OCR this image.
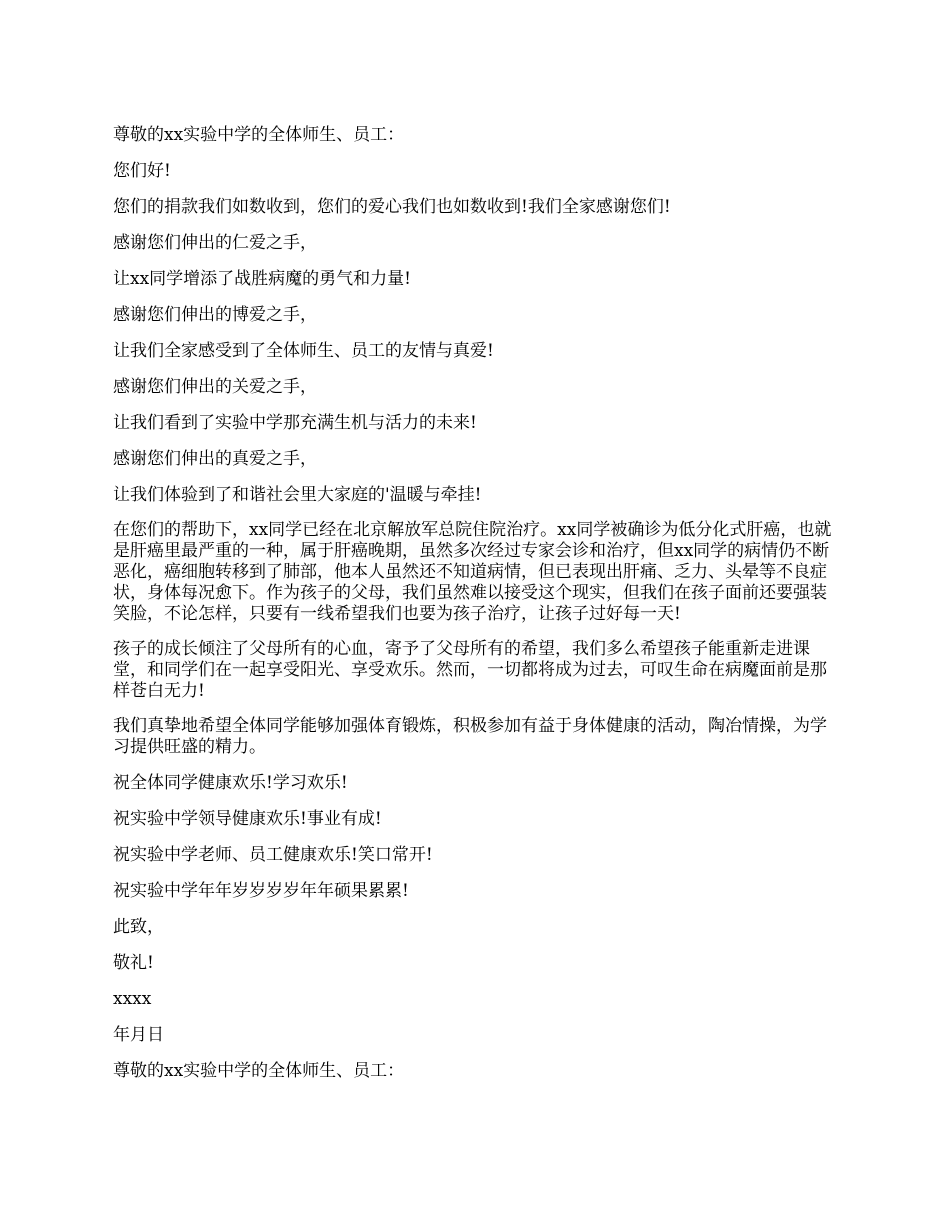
尊敬的xx实验中学的全体师生、员工：

您们好!

您们的捐款我们如数收到，您们的爱心我们也如数收到!我们全家感谢您们!

感谢您们伸出的仁爱之手，

让xx同学增添了战胜病魔的勇气和力量!

感谢您们伸出的博爱之手，

让我们全家感受到了全体师生、员工的友情与真爱!

感谢您们伸出的关爱之手，

让我们看到了实验中学那充满生机与活力的未来!

感谢您们伸出的真爱之手，

让我们体验到了和谐社会里大家庭的'温暖与牵挂!

在您们的帮助下，xx同学已经在北京解放军总院住院治疗。xx同学被确诊为低分化式肝癌，也就是肝癌里最严重的一种，属于肝癌晚期，虽然多次经过专家会诊和治疗，但xx同学的病情仍不断恶化，癌细胞转移到了肺部，他本人虽然还不知道病情，但已表现出肝痛、乏力、头晕等不良症状，身体每况愈下。作为孩子的父母，我们虽然难以接受这个现实，但我们在孩子面前还要强装笑脸，不论怎样，只要有一线希望我们也要为孩子治疗，让孩子过好每一天!

孩子的成长倾注了父母所有的心血，寄予了父母所有的希望，我们多么希望孩子能重新走进课堂，和同学们在一起享受阳光、享受欢乐。然而，一切都将成为过去，可叹生命在病魔面前是那样苍白无力!

我们真挚地希望全体同学能够加强体育锻炼，积极参加有益于身体健康的活动，陶冶情操，为学习提供旺盛的精力。

祝全体同学健康欢乐!学习欢乐!

祝实验中学领导健康欢乐!事业有成!

祝实验中学老师、员工健康欢乐!笑口常开!

祝实验中学年年岁岁岁岁年年硕果累累!

此致，

敬礼!

xxxx

年月日

尊敬的xx实验中学的全体师生、员工：
